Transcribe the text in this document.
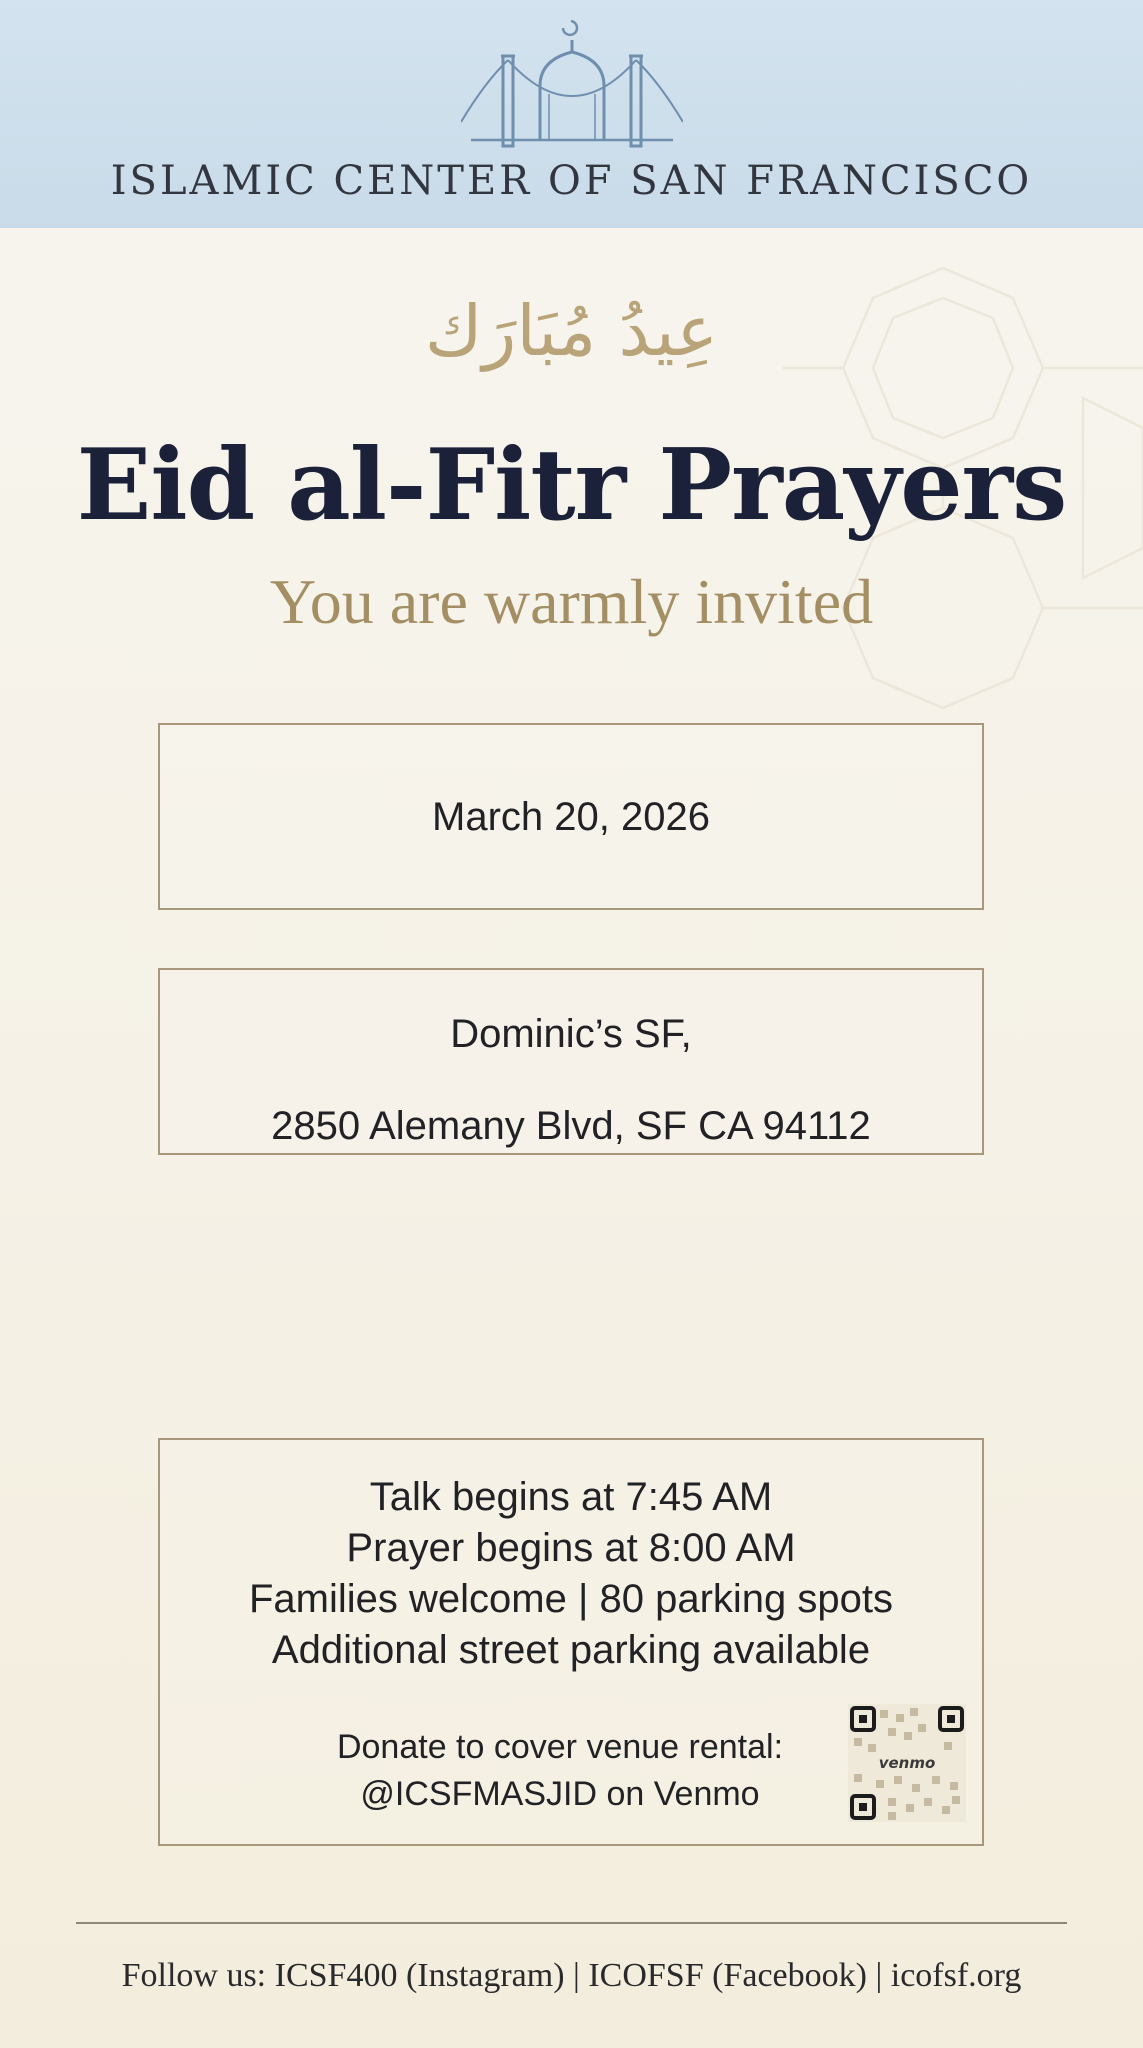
ISLAMIC CENTER OF SAN FRANCISCO
عِيدُ مُبَارَك
Eid al-Fitr Prayers
You are warmly invited
March 20, 2026
Dominic’s SF,
2850 Alemany Blvd, SF CA 94112
Talk begins at 7:45 AM
Prayer begins at 8:00 AM
Families welcome | 80 parking spots
Additional street parking available
Donate to cover venue rental:
@ICSFMASJID on Venmo
venmo
Follow us: ICSF400 (Instagram) | ICOFSF (Facebook) | icofsf.org
